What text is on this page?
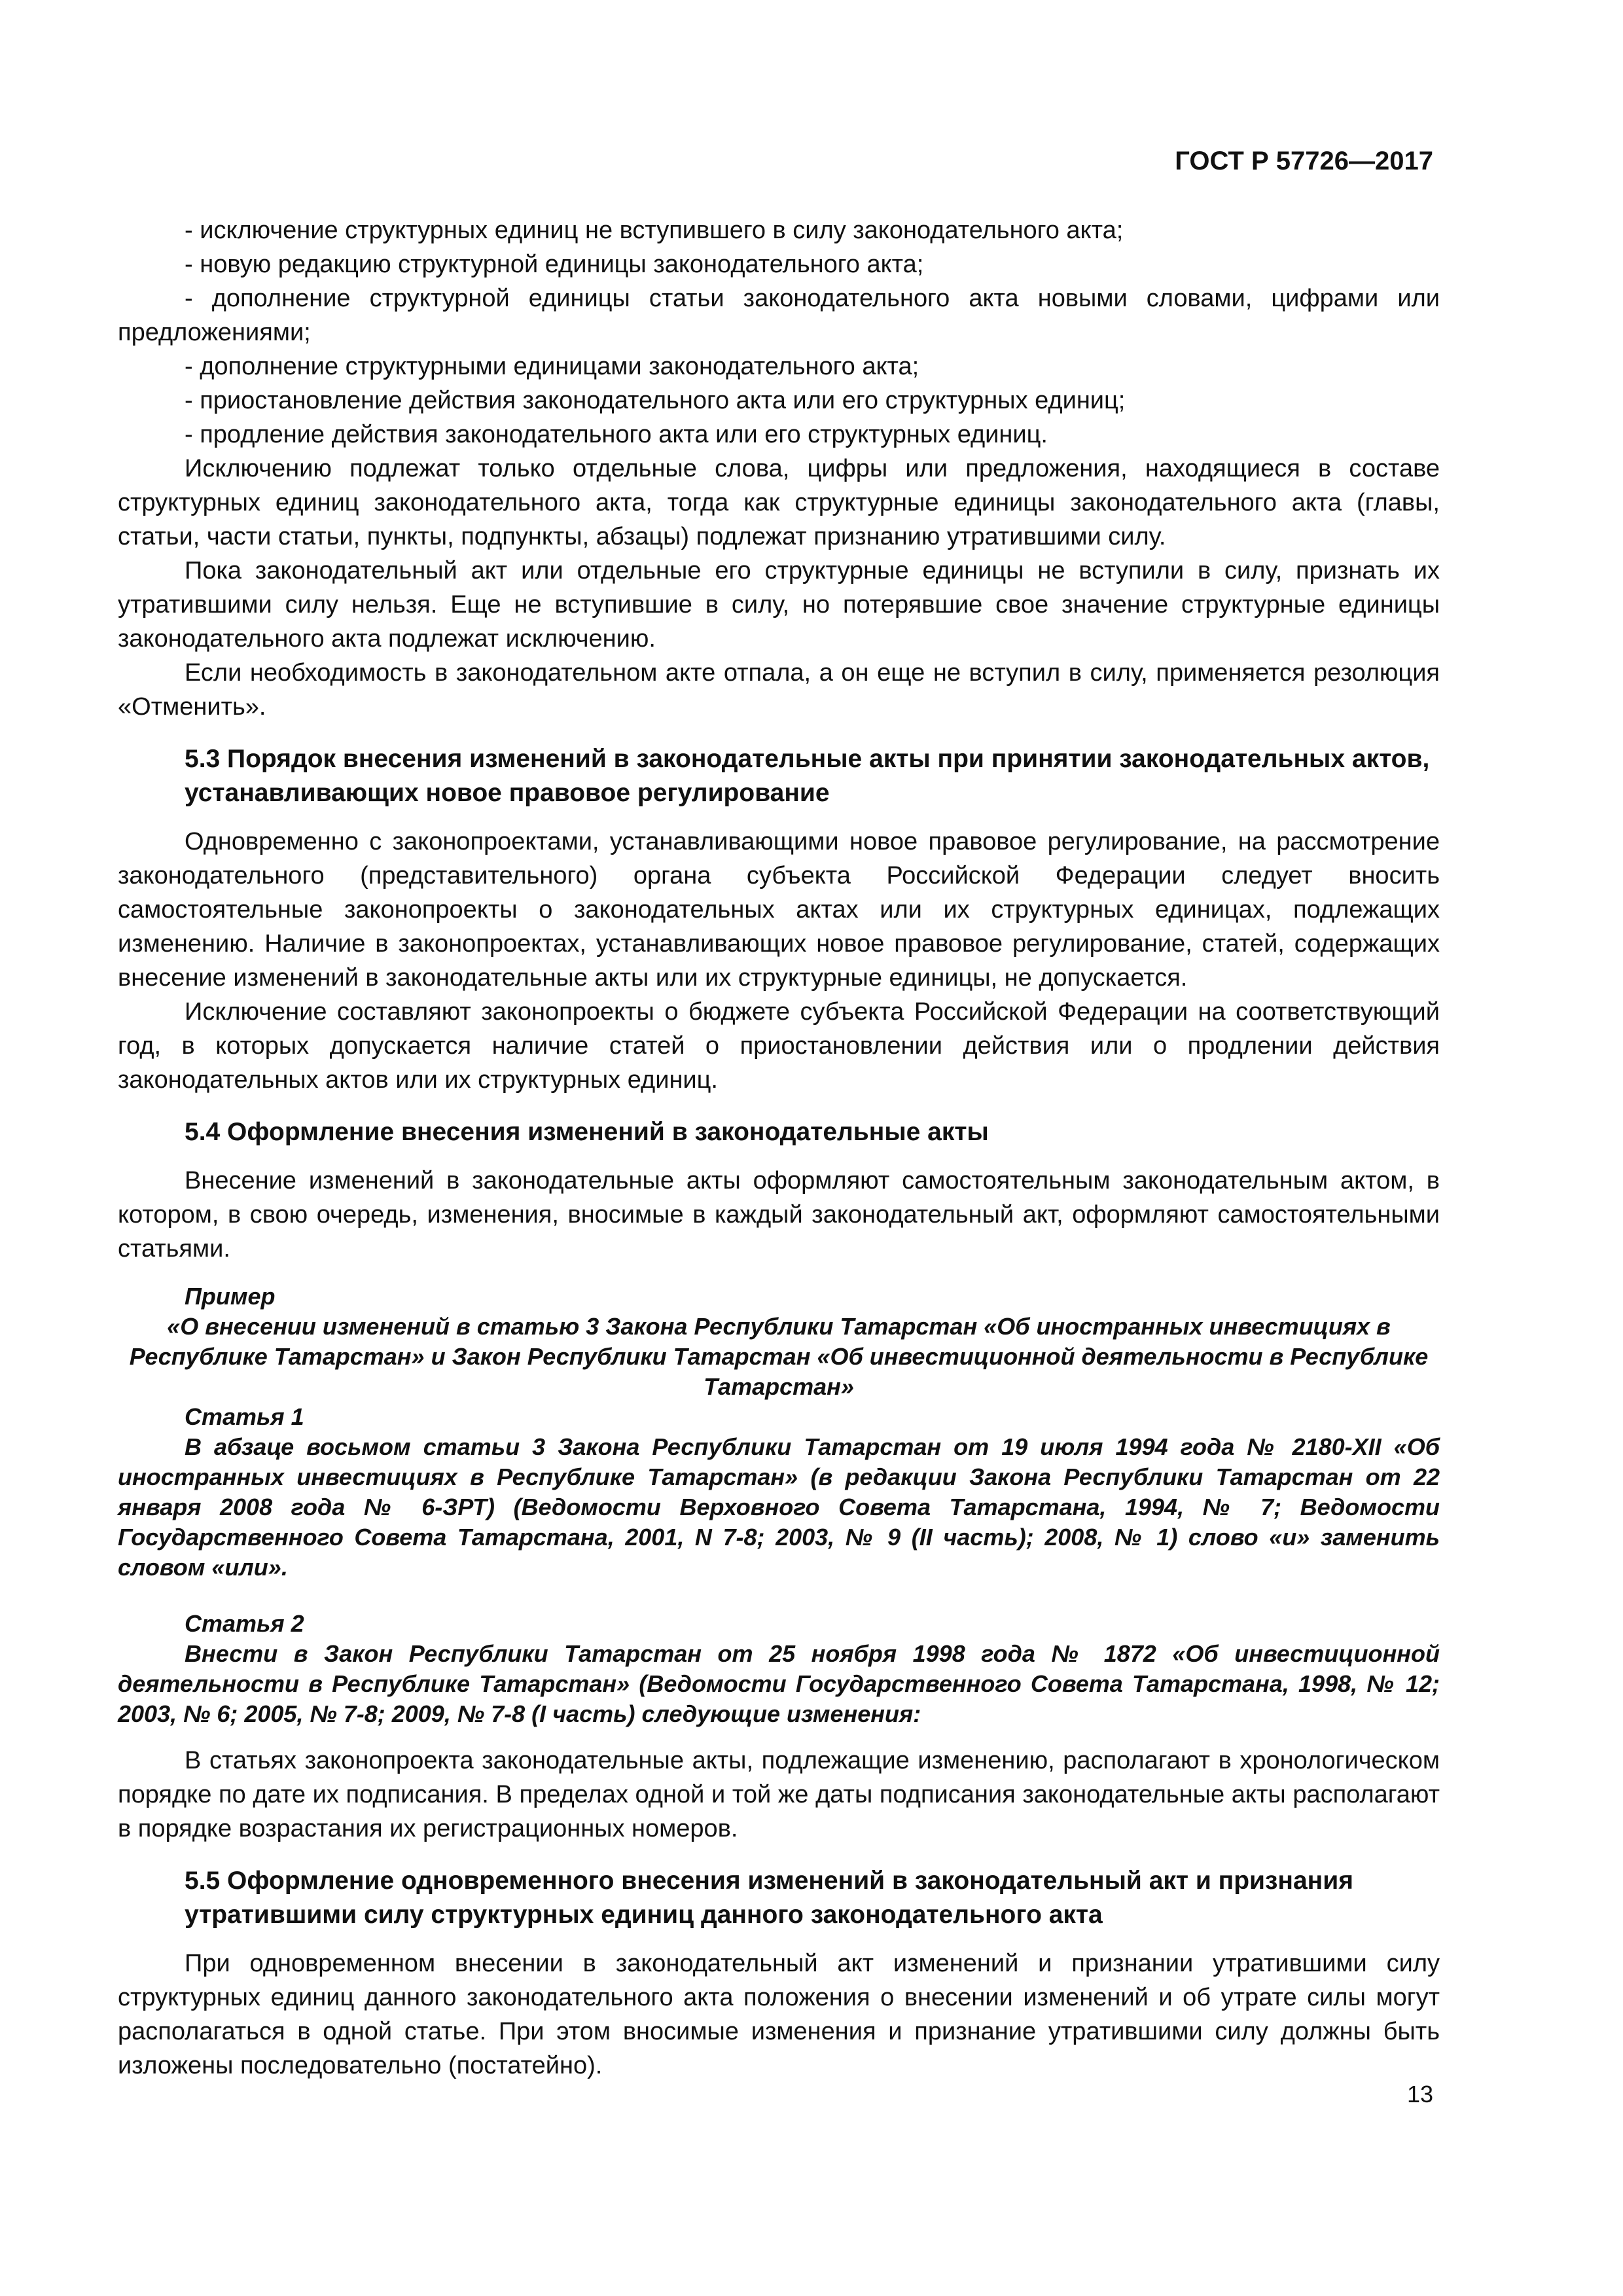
ГОСТ Р 57726—2017

- исключение структурных единиц не вступившего в силу законодательного акта;

- новую редакцию структурной единицы законодательного акта;

- дополнение структурной единицы статьи законодательного акта новыми словами, цифрами или предложениями;

- дополнение структурными единицами законодательного акта;

- приостановление действия законодательного акта или его структурных единиц;

- продление действия законодательного акта или его структурных единиц.

Исключению подлежат только отдельные слова, цифры или предложения, находящиеся в составе структурных единиц законодательного акта, тогда как структурные единицы законодательного акта (главы, статьи, части статьи, пункты, подпункты, абзацы) подлежат признанию утратившими силу.

Пока законодательный акт или отдельные его структурные единицы не вступили в силу, признать их утратившими силу нельзя. Еще не вступившие в силу, но потерявшие свое значение структурные единицы законодательного акта подлежат исключению.

Если необходимость в законодательном акте отпала, а он еще не вступил в силу, применяется резолюция «Отменить».

5.3 Порядок внесения изменений в законодательные акты при принятии законодательных актов, устанавливающих новое правовое регулирование

Одновременно с законопроектами, устанавливающими новое правовое регулирование, на рассмотрение законодательного (представительного) органа субъекта Российской Федерации следует вносить самостоятельные законопроекты о законодательных актах или их структурных единицах, подлежащих изменению. Наличие в законопроектах, устанавливающих новое правовое регулирование, статей, содержащих внесение изменений в законодательные акты или их структурные единицы, не допускается.

Исключение составляют законопроекты о бюджете субъекта Российской Федерации на соответствующий год, в которых допускается наличие статей о приостановлении действия или о продлении действия законодательных актов или их структурных единиц.

5.4 Оформление внесения изменений в законодательные акты

Внесение изменений в законодательные акты оформляют самостоятельным законодательным актом, в котором, в свою очередь, изменения, вносимые в каждый законодательный акт, оформляют самостоятельными статьями.

Пример

«О внесении изменений в статью 3 Закона Республики Татарстан «Об иностранных инвестициях в Республике Татарстан» и Закон Республики Татарстан «Об инвестиционной деятельности в Республике Татарстан»

Статья 1

В абзаце восьмом статьи 3 Закона Республики Татарстан от 19 июля 1994 года № 2180-XII «Об иностранных инвестициях в Республике Татарстан» (в редакции Закона Республики Татарстан от 22 января 2008 года № 6-ЗРТ) (Ведомости Верховного Совета Татарстана, 1994, № 7; Ведомости Государственного Совета Татарстана, 2001, N 7-8; 2003, № 9 (II часть); 2008, № 1) слово «и» заменить словом «или».

Статья 2

Внести в Закон Республики Татарстан от 25 ноября 1998 года № 1872 «Об инвестиционной деятельности в Республике Татарстан» (Ведомости Государственного Совета Татарстана, 1998, № 12; 2003, № 6; 2005, № 7-8; 2009, № 7-8 (I часть) следующие изменения:

В статьях законопроекта законодательные акты, подлежащие изменению, располагают в хронологическом порядке по дате их подписания. В пределах одной и той же даты подписания законодательные акты располагают в порядке возрастания их регистрационных номеров.

5.5 Оформление одновременного внесения изменений в законодательный акт и признания утратившими силу структурных единиц данного законодательного акта

При одновременном внесении в законодательный акт изменений и признании утратившими силу структурных единиц данного законодательного акта положения о внесении изменений и об утрате силы могут располагаться в одной статье. При этом вносимые изменения и признание утратившими силу должны быть изложены последовательно (постатейно).

13
